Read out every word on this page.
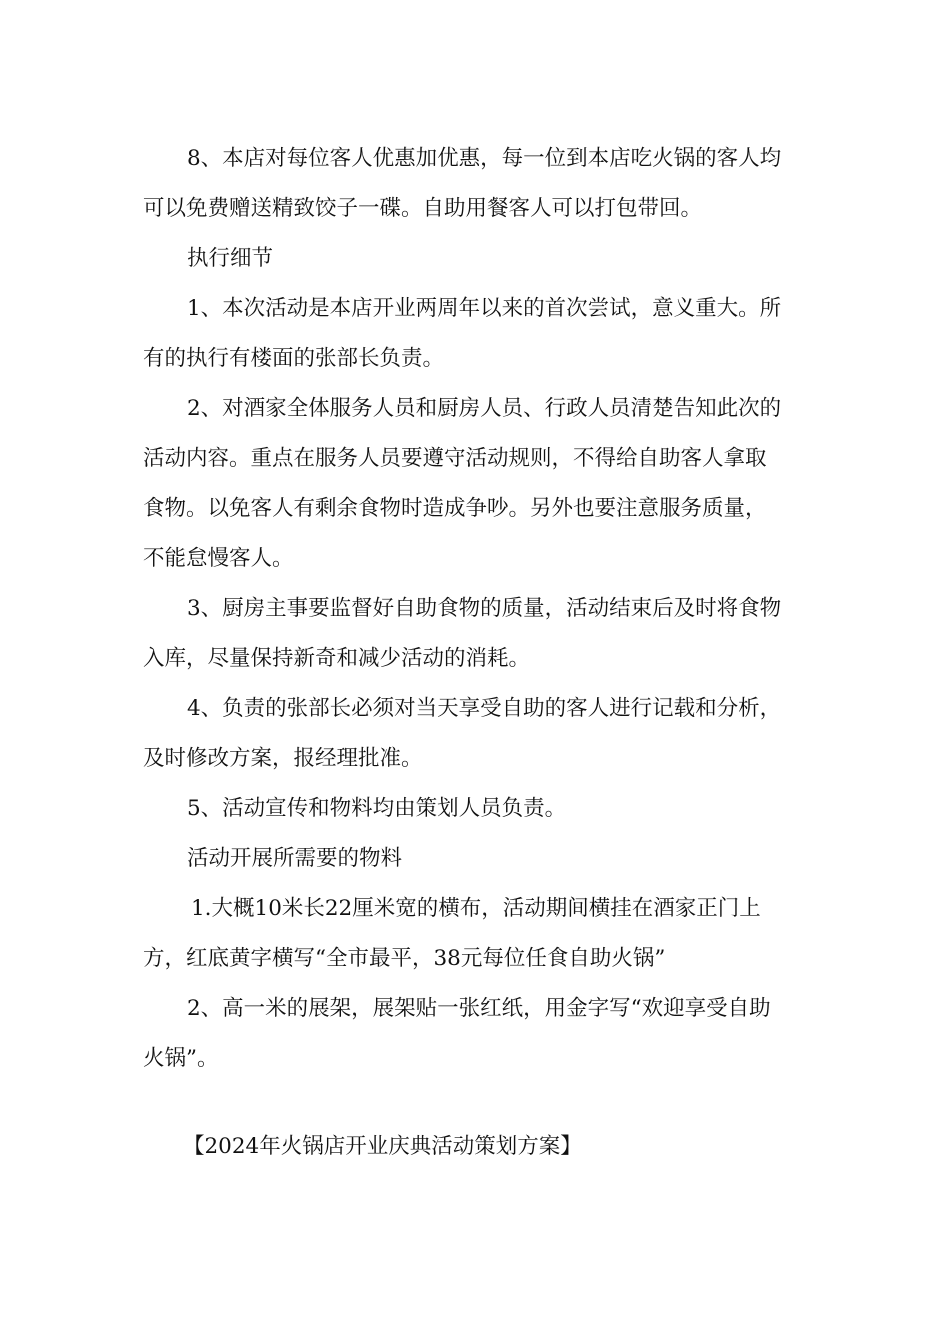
8、本店对每位客人优惠加优惠，每一位到本店吃火锅的客人均
可以免费赠送精致饺子一碟。自助用餐客人可以打包带回。
执行细节
1、本次活动是本店开业两周年以来的首次尝试，意义重大。所
有的执行有楼面的张部长负责。
2、对酒家全体服务人员和厨房人员、行政人员清楚告知此次的
活动内容。重点在服务人员要遵守活动规则，不得给自助客人拿取
食物。以免客人有剩余食物时造成争吵。另外也要注意服务质量，
不能怠慢客人。
3、厨房主事要监督好自助食物的质量，活动结束后及时将食物
入库，尽量保持新奇和减少活动的消耗。
4、负责的张部长必须对当天享受自助的客人进行记载和分析，
及时修改方案，报经理批准。
5、活动宣传和物料均由策划人员负责。
活动开展所需要的物料
1.大概10米长22厘米宽的横布，活动期间横挂在酒家正门上
方，红底黄字横写“全市最平，38元每位任食自助火锅”
2、高一米的展架，展架贴一张红纸，用金字写“欢迎享受自助
火锅”。
【2024年火锅店开业庆典活动策划方案】
